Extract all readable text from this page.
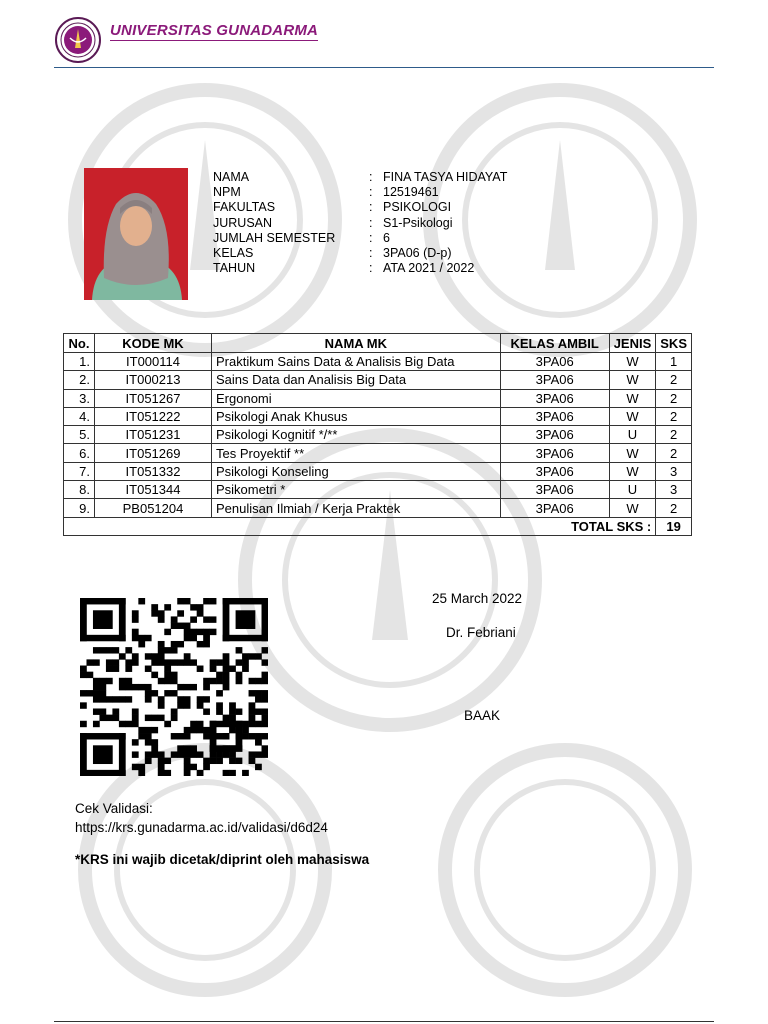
UNIVERSITAS GUNADARMA
NAMA	: FINA TASYA HIDAYAT
NPM	: 12519461
FAKULTAS	: PSIKOLOGI
JURUSAN	: S1-Psikologi
JUMLAH SEMESTER	: 6
KELAS	: 3PA06 (D-p)
TAHUN	: ATA 2021 / 2022
No.	KODE MK	NAMA MK	KELAS AMBIL	JENIS	SKS
1.	IT000114	Praktikum Sains Data & Analisis Big Data	3PA06	W	1
2.	IT000213	Sains Data dan Analisis Big Data	3PA06	W	2
3.	IT051267	Ergonomi	3PA06	W	2
4.	IT051222	Psikologi Anak Khusus	3PA06	W	2
5.	IT051231	Psikologi Kognitif */**	3PA06	U	2
6.	IT051269	Tes Proyektif **	3PA06	W	2
7.	IT051332	Psikologi Konseling	3PA06	W	3
8.	IT051344	Psikometri *	3PA06	U	3
9.	PB051204	Penulisan Ilmiah / Kerja Praktek	3PA06	W	2
TOTAL SKS :					19
25 March 2022
Dr. Febriani
BAAK
Cek Validasi:
https://krs.gunadarma.ac.id/validasi/d6d24
*KRS ini wajib dicetak/diprint oleh mahasiswa
